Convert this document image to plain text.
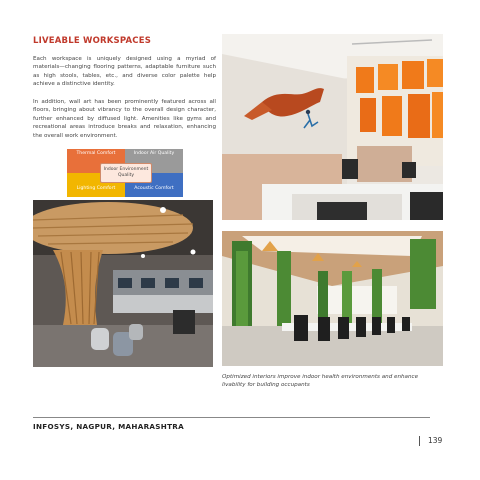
LIVEABLE WORKSPACES
Each workspace is uniquely designed using a myriad of materials—changing flooring patterns, adaptable furniture such as high stools, tables, etc., and diverse color palette help achieve a distinctive identity.
In addition, wall art has been prominently featured across all floors, bringing about vibrancy to the overall design character, further enhanced by diffused light. Amenities like gyms and recreational areas introduce breaks and relaxation, enhancing the overall work environment.
Thermal Comfort	Indoor Air Quality
Lighting Comfort	Acoustic Comfort
Indoor Environment Quality
Optimized interiors improve indoor health environments and enhance livability for building occupants
INFOSYS, NAGPUR, MAHARASHTRA
139
